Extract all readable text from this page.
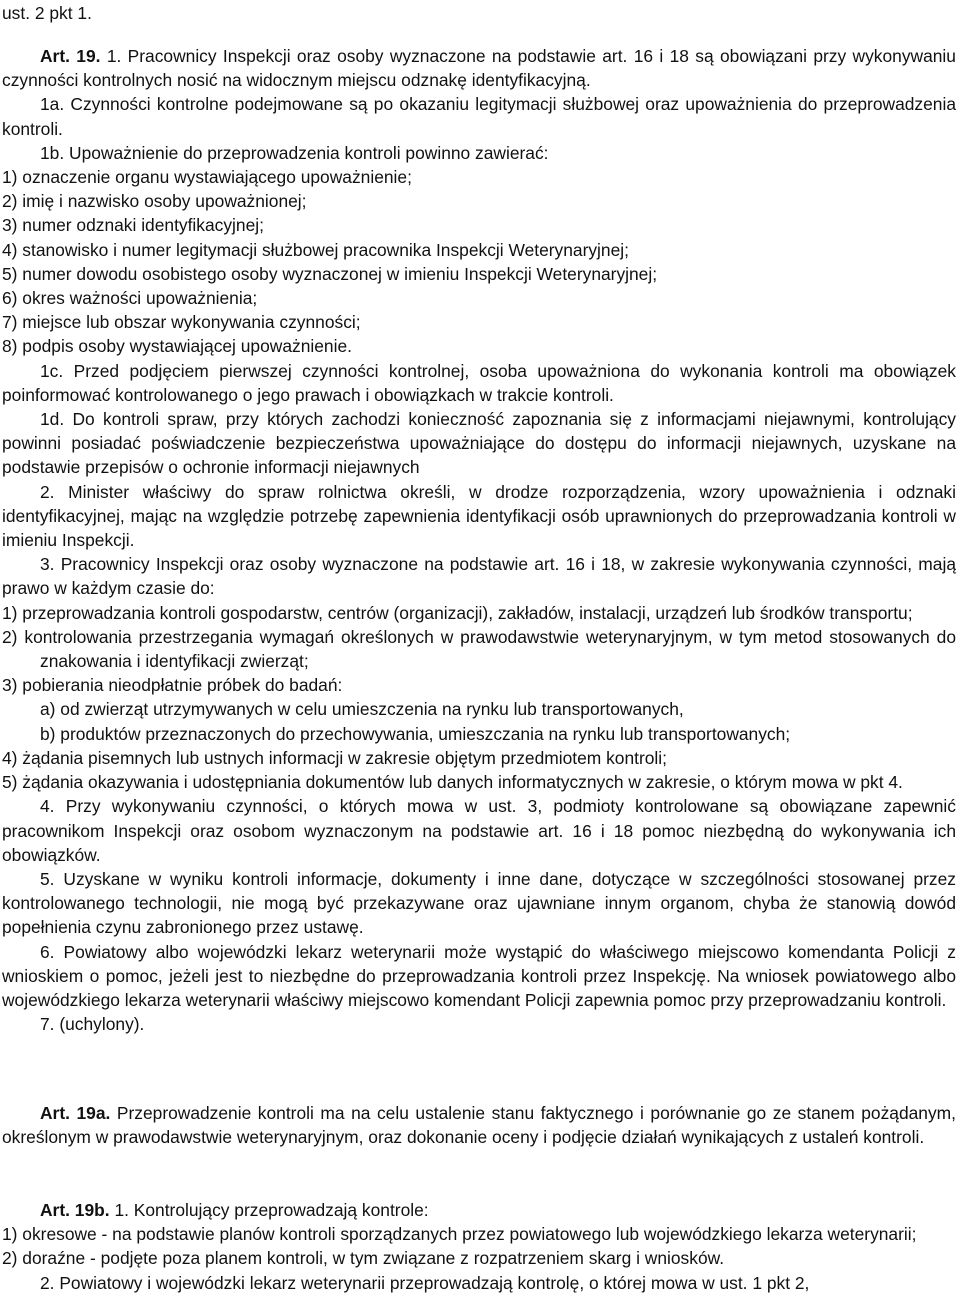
ust. 2 pkt 1.

Art. 19. 1. Pracownicy Inspekcji oraz osoby wyznaczone na podstawie art. 16 i 18 są obowiązani przy wykonywaniu czynności kontrolnych nosić na widocznym miejscu odznakę identyfikacyjną.

1a. Czynności kontrolne podejmowane są po okazaniu legitymacji służbowej oraz upoważnienia do przeprowadzenia kontroli.

1b. Upoważnienie do przeprowadzenia kontroli powinno zawierać:

1) oznaczenie organu wystawiającego upoważnienie;

2) imię i nazwisko osoby upoważnionej;

3) numer odznaki identyfikacyjnej;

4) stanowisko i numer legitymacji służbowej pracownika Inspekcji Weterynaryjnej;

5) numer dowodu osobistego osoby wyznaczonej w imieniu Inspekcji Weterynaryjnej;

6) okres ważności upoważnienia;

7) miejsce lub obszar wykonywania czynności;

8) podpis osoby wystawiającej upoważnienie.

1c. Przed podjęciem pierwszej czynności kontrolnej, osoba upoważniona do wykonania kontroli ma obowiązek poinformować kontrolowanego o jego prawach i obowiązkach w trakcie kontroli.

1d. Do kontroli spraw, przy których zachodzi konieczność zapoznania się z informacjami niejawnymi, kontrolujący powinni posiadać poświadczenie bezpieczeństwa upoważniające do dostępu do informacji niejawnych, uzyskane na podstawie przepisów o ochronie informacji niejawnych

2. Minister właściwy do spraw rolnictwa określi, w drodze rozporządzenia, wzory upoważnienia i odznaki identyfikacyjnej, mając na względzie potrzebę zapewnienia identyfikacji osób uprawnionych do przeprowadzania kontroli w imieniu Inspekcji.

3. Pracownicy Inspekcji oraz osoby wyznaczone na podstawie art. 16 i 18, w zakresie wykonywania czynności, mają prawo w każdym czasie do:

1) przeprowadzania kontroli gospodarstw, centrów (organizacji), zakładów, instalacji, urządzeń lub środków transportu;

2) kontrolowania przestrzegania wymagań określonych w prawodawstwie weterynaryjnym, w tym metod stosowanych do znakowania i identyfikacji zwierząt;

3) pobierania nieodpłatnie próbek do badań:

a) od zwierząt utrzymywanych w celu umieszczenia na rynku lub transportowanych,

b) produktów przeznaczonych do przechowywania, umieszczania na rynku lub transportowanych;

4) żądania pisemnych lub ustnych informacji w zakresie objętym przedmiotem kontroli;

5) żądania okazywania i udostępniania dokumentów lub danych informatycznych w zakresie, o którym mowa w pkt 4.

4. Przy wykonywaniu czynności, o których mowa w ust. 3, podmioty kontrolowane są obowiązane zapewnić pracownikom Inspekcji oraz osobom wyznaczonym na podstawie art. 16 i 18 pomoc niezbędną do wykonywania ich obowiązków.

5. Uzyskane w wyniku kontroli informacje, dokumenty i inne dane, dotyczące w szczególności stosowanej przez kontrolowanego technologii, nie mogą być przekazywane oraz ujawniane innym organom, chyba że stanowią dowód popełnienia czynu zabronionego przez ustawę.

6. Powiatowy albo wojewódzki lekarz weterynarii może wystąpić do właściwego miejscowo komendanta Policji z wnioskiem o pomoc, jeżeli jest to niezbędne do przeprowadzania kontroli przez Inspekcję. Na wniosek powiatowego albo wojewódzkiego lekarza weterynarii właściwy miejscowo komendant Policji zapewnia pomoc przy przeprowadzaniu kontroli.

7. (uchylony).

Art. 19a. Przeprowadzenie kontroli ma na celu ustalenie stanu faktycznego i porównanie go ze stanem pożądanym, określonym w prawodawstwie weterynaryjnym, oraz dokonanie oceny i podjęcie działań wynikających z ustaleń kontroli.

Art. 19b. 1. Kontrolujący przeprowadzają kontrole:

1) okresowe - na podstawie planów kontroli sporządzanych przez powiatowego lub wojewódzkiego lekarza weterynarii;

2) doraźne - podjęte poza planem kontroli, w tym związane z rozpatrzeniem skarg i wniosków.

2. Powiatowy i wojewódzki lekarz weterynarii przeprowadzają kontrolę, o której mowa w ust. 1 pkt 2,
